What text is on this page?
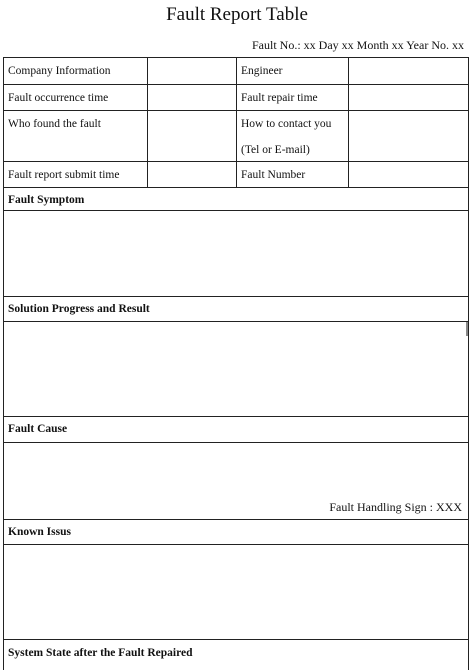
Fault Report Table
Fault No.: xx Day xx Month xx Year No. xx
Company Information	Engineer
Fault occurrence time	Fault repair time
Who found the fault	How to contact you
(Tel or E-mail)
Fault report submit time	Fault Number
Fault Symptom
Solution Progress and Result
Fault Cause
Fault Handling Sign : XXX
Known Issus
System State after the Fault Repaired
